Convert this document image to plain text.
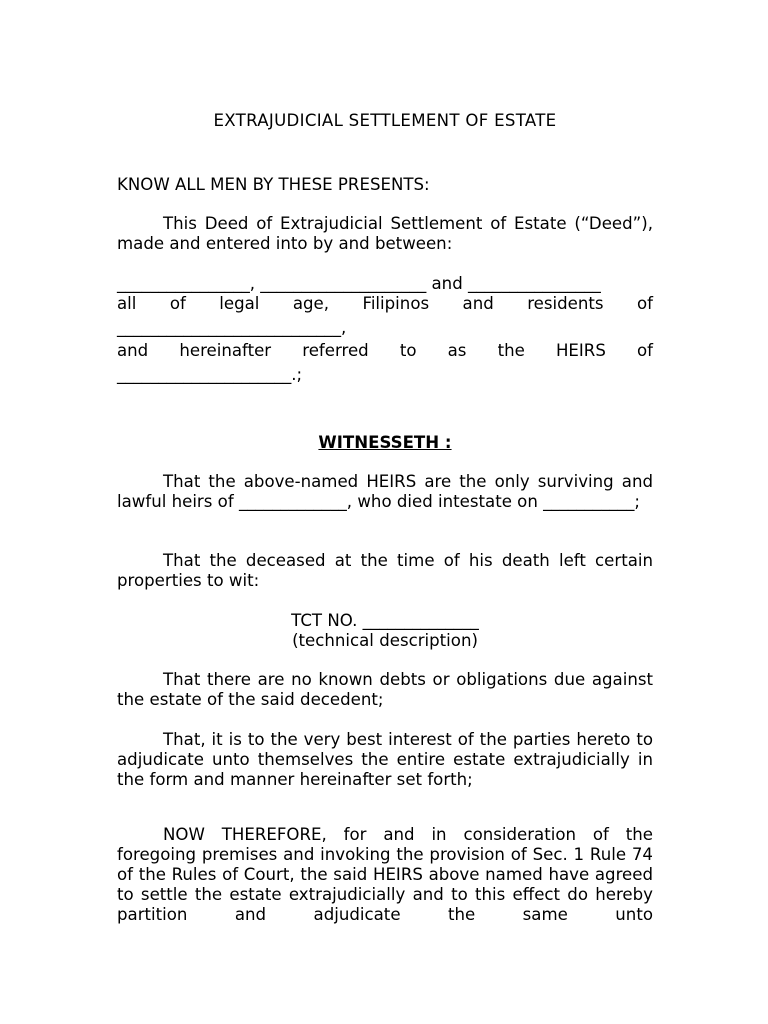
EXTRAJUDICIAL SETTLEMENT OF ESTATE

KNOW ALL MEN BY THESE PRESENTS:

This Deed of Extrajudicial Settlement of Estate (“Deed”), made and entered into by and between:

________________, ____________________ and ________________
all of legal age, Filipinos and residents of
___________________________,
and hereinafter referred to as the HEIRS of
_____________________.;

WITNESSETH :

That the above-named HEIRS are the only surviving and lawful heirs of _____________, who died intestate on ___________;

That the deceased at the time of his death left certain properties to wit:

TCT NO. ______________
(technical description)

That there are no known debts or obligations due against the estate of the said decedent;

That, it is to the very best interest of the parties hereto to adjudicate unto themselves the entire estate extrajudicially in the form and manner hereinafter set forth;

NOW THEREFORE, for and in consideration of the foregoing premises and invoking the provision of Sec. 1 Rule 74 of the Rules of Court, the said HEIRS above named have agreed to settle the estate extrajudicially and to this effect do hereby partition and adjudicate the same unto
